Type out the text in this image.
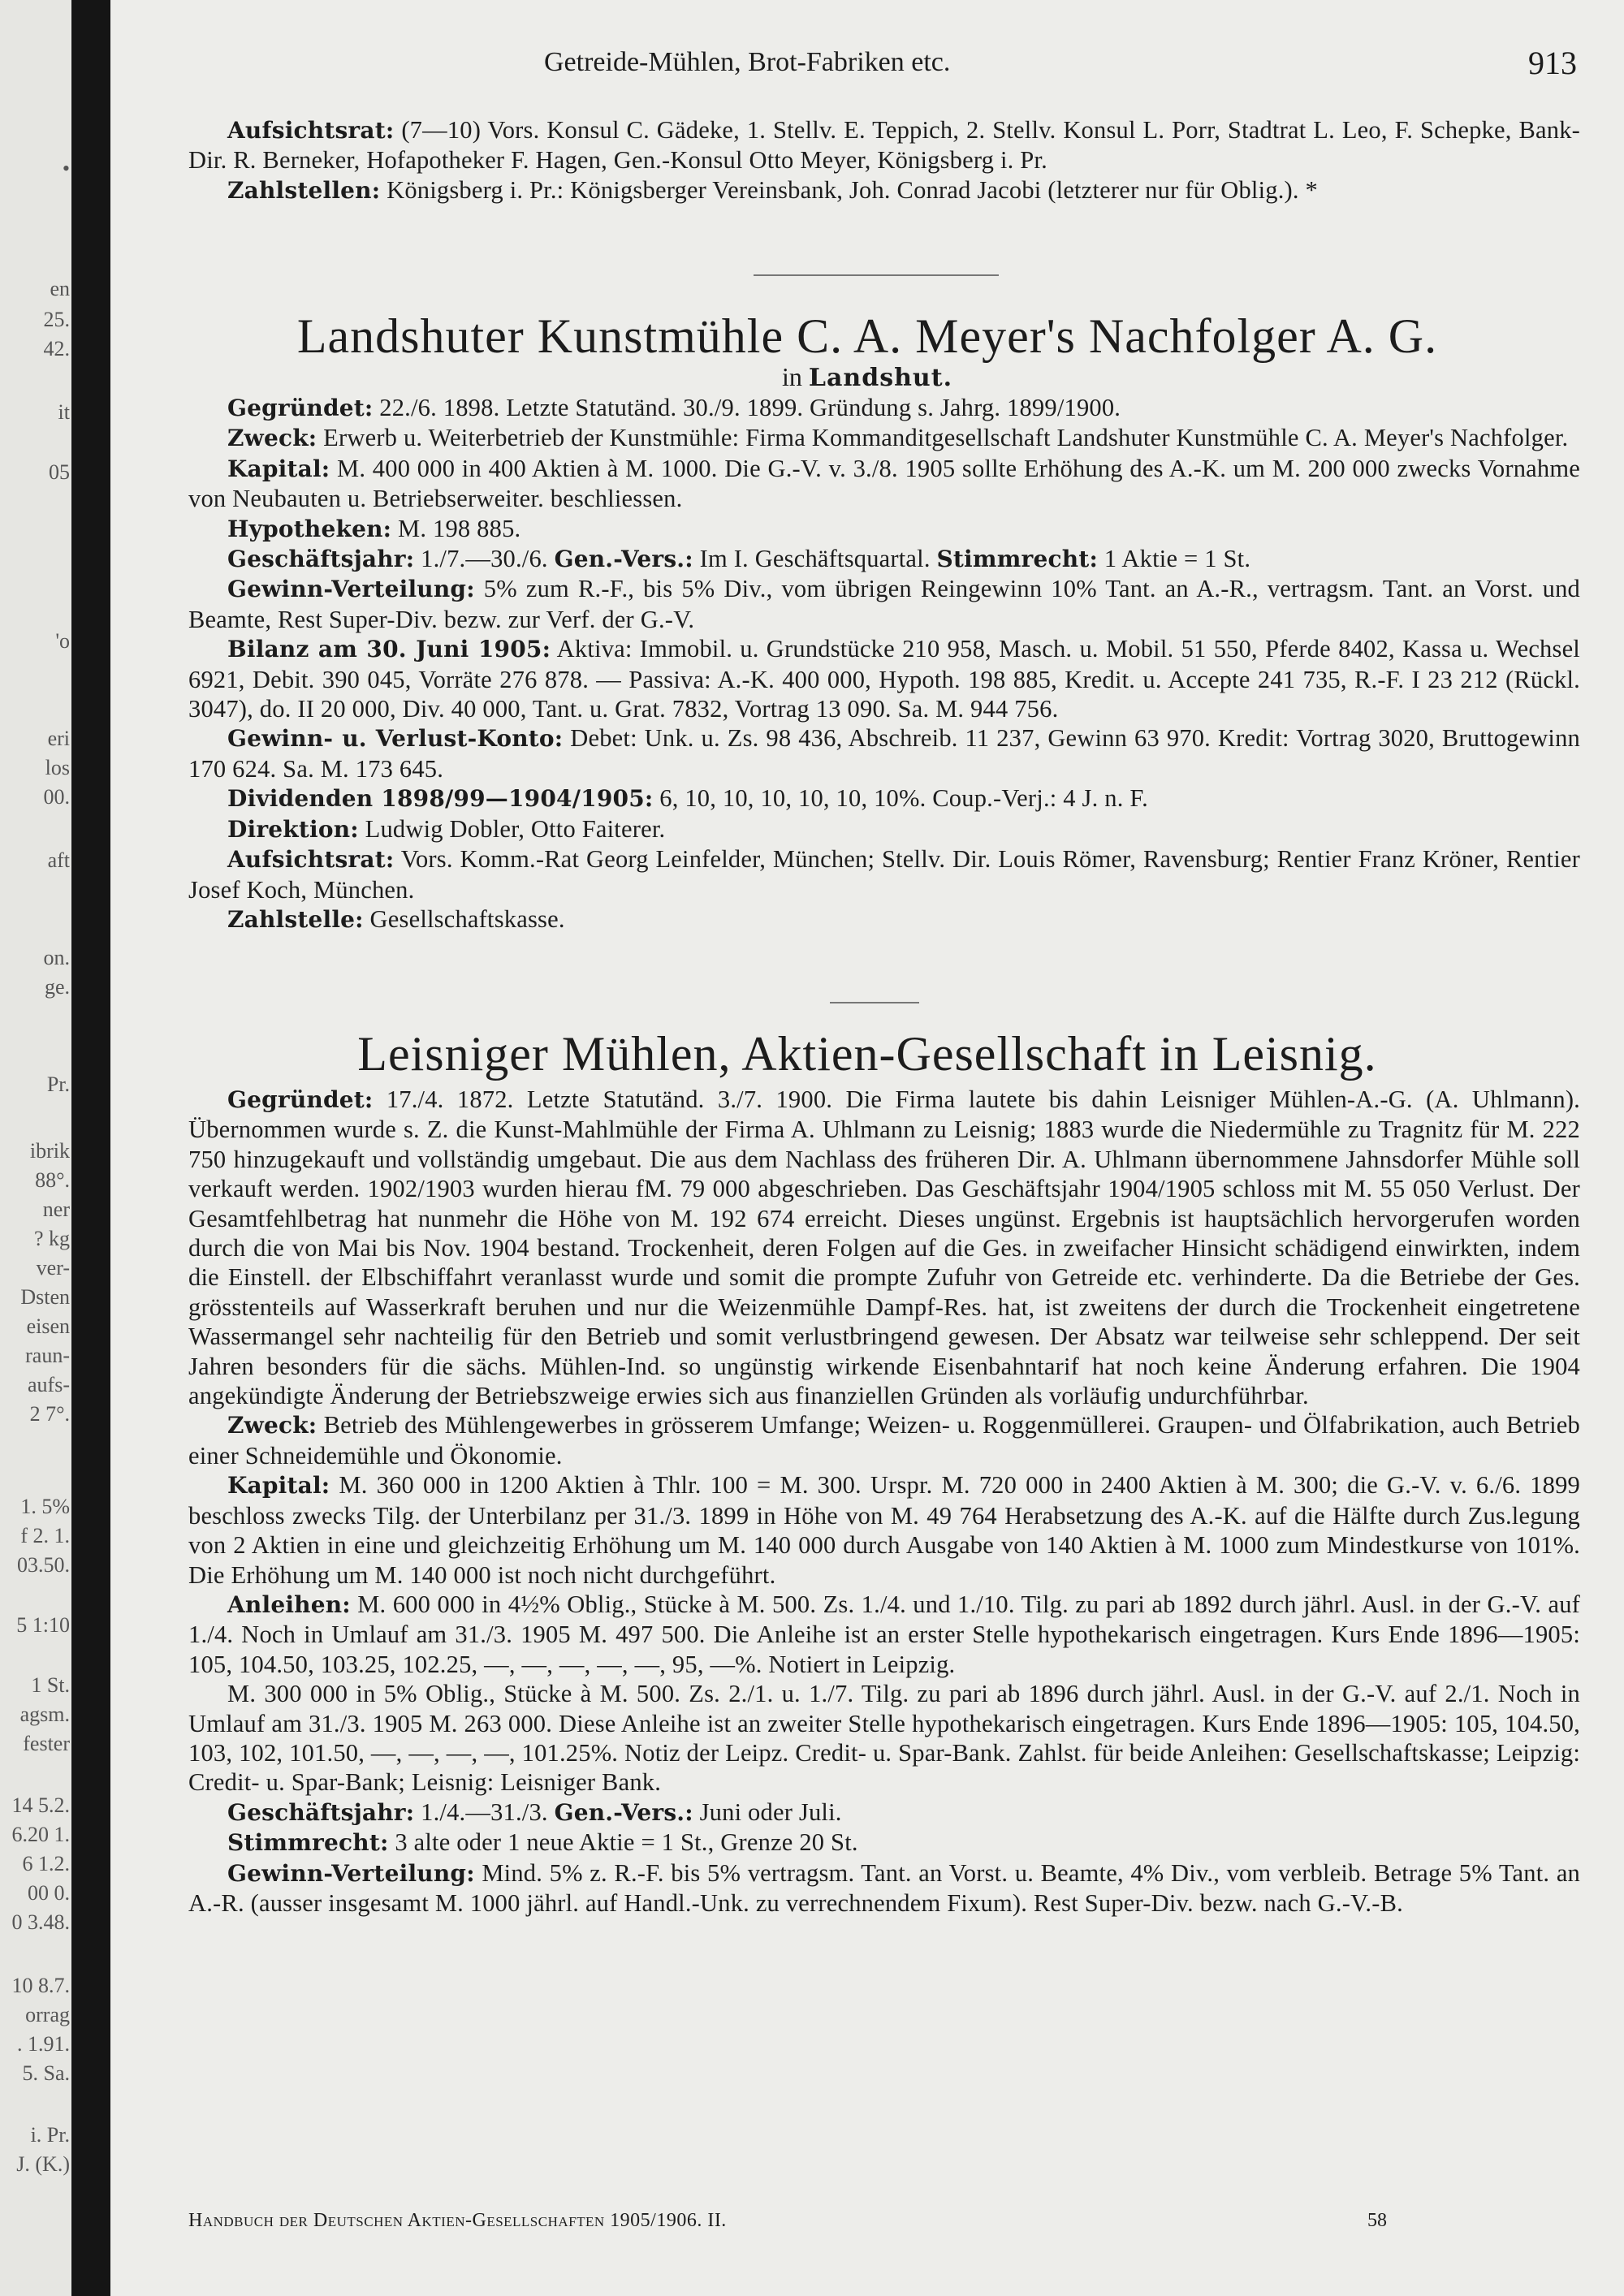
•
en
25.
42.
it
05
'o
eri
los
00.
aft
on.
ge.
Pr.
ibrik
88°.
ner
? kg
ver-
Dsten
eisen
raun-
aufs-
2 7°.
1. 5%
f 2. 1.
03.50.
5 1:10
1 St.
agsm.
fester
14 5.2.
6.20 1.
6 1.2.
00 0.
0 3.48.
10 8.7.
orrag
. 1.91.
5. Sa.
i. Pr.
J. (K.)
Getreide-Mühlen, Brot-Fabriken etc.	913

Aufsichtsrat: (7—10) Vors. Konsul C. Gädeke, 1. Stellv. E. Teppich, 2. Stellv. Konsul L. Porr, Stadtrat L. Leo, F. Schepke, Bank-Dir. R. Berneker, Hofapotheker F. Hagen, Gen.-Konsul Otto Meyer, Königsberg i. Pr.

Zahlstellen: Königsberg i. Pr.: Königsberger Vereinsbank, Joh. Conrad Jacobi (letzterer nur für Oblig.). *

Landshuter Kunstmühle C. A. Meyer's Nachfolger A. G.
in Landshut.

Gegründet: 22./6. 1898. Letzte Statutänd. 30./9. 1899. Gründung s. Jahrg. 1899/1900.

Zweck: Erwerb u. Weiterbetrieb der Kunstmühle: Firma Kommanditgesellschaft Landshuter Kunstmühle C. A. Meyer's Nachfolger.

Kapital: M. 400 000 in 400 Aktien à M. 1000. Die G.-V. v. 3./8. 1905 sollte Erhöhung des A.-K. um M. 200 000 zwecks Vornahme von Neubauten u. Betriebserweiter. beschliessen.

Hypotheken: M. 198 885.

Geschäftsjahr: 1./7.—30./6. Gen.-Vers.: Im I. Geschäftsquartal. Stimmrecht: 1 Aktie = 1 St.

Gewinn-Verteilung: 5% zum R.-F., bis 5% Div., vom übrigen Reingewinn 10% Tant. an A.-R., vertragsm. Tant. an Vorst. und Beamte, Rest Super-Div. bezw. zur Verf. der G.-V.

Bilanz am 30. Juni 1905: Aktiva: Immobil. u. Grundstücke 210 958, Masch. u. Mobil. 51 550, Pferde 8402, Kassa u. Wechsel 6921, Debit. 390 045, Vorräte 276 878. — Passiva: A.-K. 400 000, Hypoth. 198 885, Kredit. u. Accepte 241 735, R.-F. I 23 212 (Rückl. 3047), do. II 20 000, Div. 40 000, Tant. u. Grat. 7832, Vortrag 13 090. Sa. M. 944 756.

Gewinn- u. Verlust-Konto: Debet: Unk. u. Zs. 98 436, Abschreib. 11 237, Gewinn 63 970. Kredit: Vortrag 3020, Bruttogewinn 170 624. Sa. M. 173 645.

Dividenden 1898/99—1904/1905: 6, 10, 10, 10, 10, 10, 10%. Coup.-Verj.: 4 J. n. F.

Direktion: Ludwig Dobler, Otto Faiterer.

Aufsichtsrat: Vors. Komm.-Rat Georg Leinfelder, München; Stellv. Dir. Louis Römer, Ravensburg; Rentier Franz Kröner, Rentier Josef Koch, München.

Zahlstelle: Gesellschaftskasse.

Leisniger Mühlen, Aktien-Gesellschaft in Leisnig.

Gegründet: 17./4. 1872. Letzte Statutänd. 3./7. 1900. Die Firma lautete bis dahin Leisniger Mühlen-A.-G. (A. Uhlmann). Übernommen wurde s. Z. die Kunst-Mahlmühle der Firma A. Uhlmann zu Leisnig; 1883 wurde die Niedermühle zu Tragnitz für M. 222 750 hinzugekauft und vollständig umgebaut. Die aus dem Nachlass des früheren Dir. A. Uhlmann übernommene Jahnsdorfer Mühle soll verkauft werden. 1902/1903 wurden hierau fM. 79 000 abgeschrieben. Das Geschäftsjahr 1904/1905 schloss mit M. 55 050 Verlust. Der Gesamtfehlbetrag hat nunmehr die Höhe von M. 192 674 erreicht. Dieses ungünst. Ergebnis ist hauptsächlich hervorgerufen worden durch die von Mai bis Nov. 1904 bestand. Trockenheit, deren Folgen auf die Ges. in zweifacher Hinsicht schädigend einwirkten, indem die Einstell. der Elbschiffahrt veranlasst wurde und somit die prompte Zufuhr von Getreide etc. verhinderte. Da die Betriebe der Ges. grösstenteils auf Wasserkraft beruhen und nur die Weizenmühle Dampf-Res. hat, ist zweitens der durch die Trockenheit eingetretene Wassermangel sehr nachteilig für den Betrieb und somit verlustbringend gewesen. Der Absatz war teilweise sehr schleppend. Der seit Jahren besonders für die sächs. Mühlen-Ind. so ungünstig wirkende Eisenbahntarif hat noch keine Änderung erfahren. Die 1904 angekündigte Änderung der Betriebszweige erwies sich aus finanziellen Gründen als vorläufig undurchführbar.

Zweck: Betrieb des Mühlengewerbes in grösserem Umfange; Weizen- u. Roggenmüllerei. Graupen- und Ölfabrikation, auch Betrieb einer Schneidemühle und Ökonomie.

Kapital: M. 360 000 in 1200 Aktien à Thlr. 100 = M. 300. Urspr. M. 720 000 in 2400 Aktien à M. 300; die G.-V. v. 6./6. 1899 beschloss zwecks Tilg. der Unterbilanz per 31./3. 1899 in Höhe von M. 49 764 Herabsetzung des A.-K. auf die Hälfte durch Zus.legung von 2 Aktien in eine und gleichzeitig Erhöhung um M. 140 000 durch Ausgabe von 140 Aktien à M. 1000 zum Mindestkurse von 101%. Die Erhöhung um M. 140 000 ist noch nicht durchgeführt.

Anleihen: M. 600 000 in 4½% Oblig., Stücke à M. 500. Zs. 1./4. und 1./10. Tilg. zu pari ab 1892 durch jährl. Ausl. in der G.-V. auf 1./4. Noch in Umlauf am 31./3. 1905 M. 497 500. Die Anleihe ist an erster Stelle hypothekarisch eingetragen. Kurs Ende 1896—1905: 105, 104.50, 103.25, 102.25, —, —, —, —, —, 95, —%. Notiert in Leipzig.

M. 300 000 in 5% Oblig., Stücke à M. 500. Zs. 2./1. u. 1./7. Tilg. zu pari ab 1896 durch jährl. Ausl. in der G.-V. auf 2./1. Noch in Umlauf am 31./3. 1905 M. 263 000. Diese Anleihe ist an zweiter Stelle hypothekarisch eingetragen. Kurs Ende 1896—1905: 105, 104.50, 103, 102, 101.50, —, —, —, —, 101.25%. Notiz der Leipz. Credit- u. Spar-Bank. Zahlst. für beide Anleihen: Gesellschaftskasse; Leipzig: Credit- u. Spar-Bank; Leisnig: Leisniger Bank.

Geschäftsjahr: 1./4.—31./3. Gen.-Vers.: Juni oder Juli.

Stimmrecht: 3 alte oder 1 neue Aktie = 1 St., Grenze 20 St.

Gewinn-Verteilung: Mind. 5% z. R.-F. bis 5% vertragsm. Tant. an Vorst. u. Beamte, 4% Div., vom verbleib. Betrage 5% Tant. an A.-R. (ausser insgesamt M. 1000 jährl. auf Handl.-Unk. zu verrechnendem Fixum). Rest Super-Div. bezw. nach G.-V.-B.

Handbuch der Deutschen Aktien-Gesellschaften 1905/1906. II.	58
